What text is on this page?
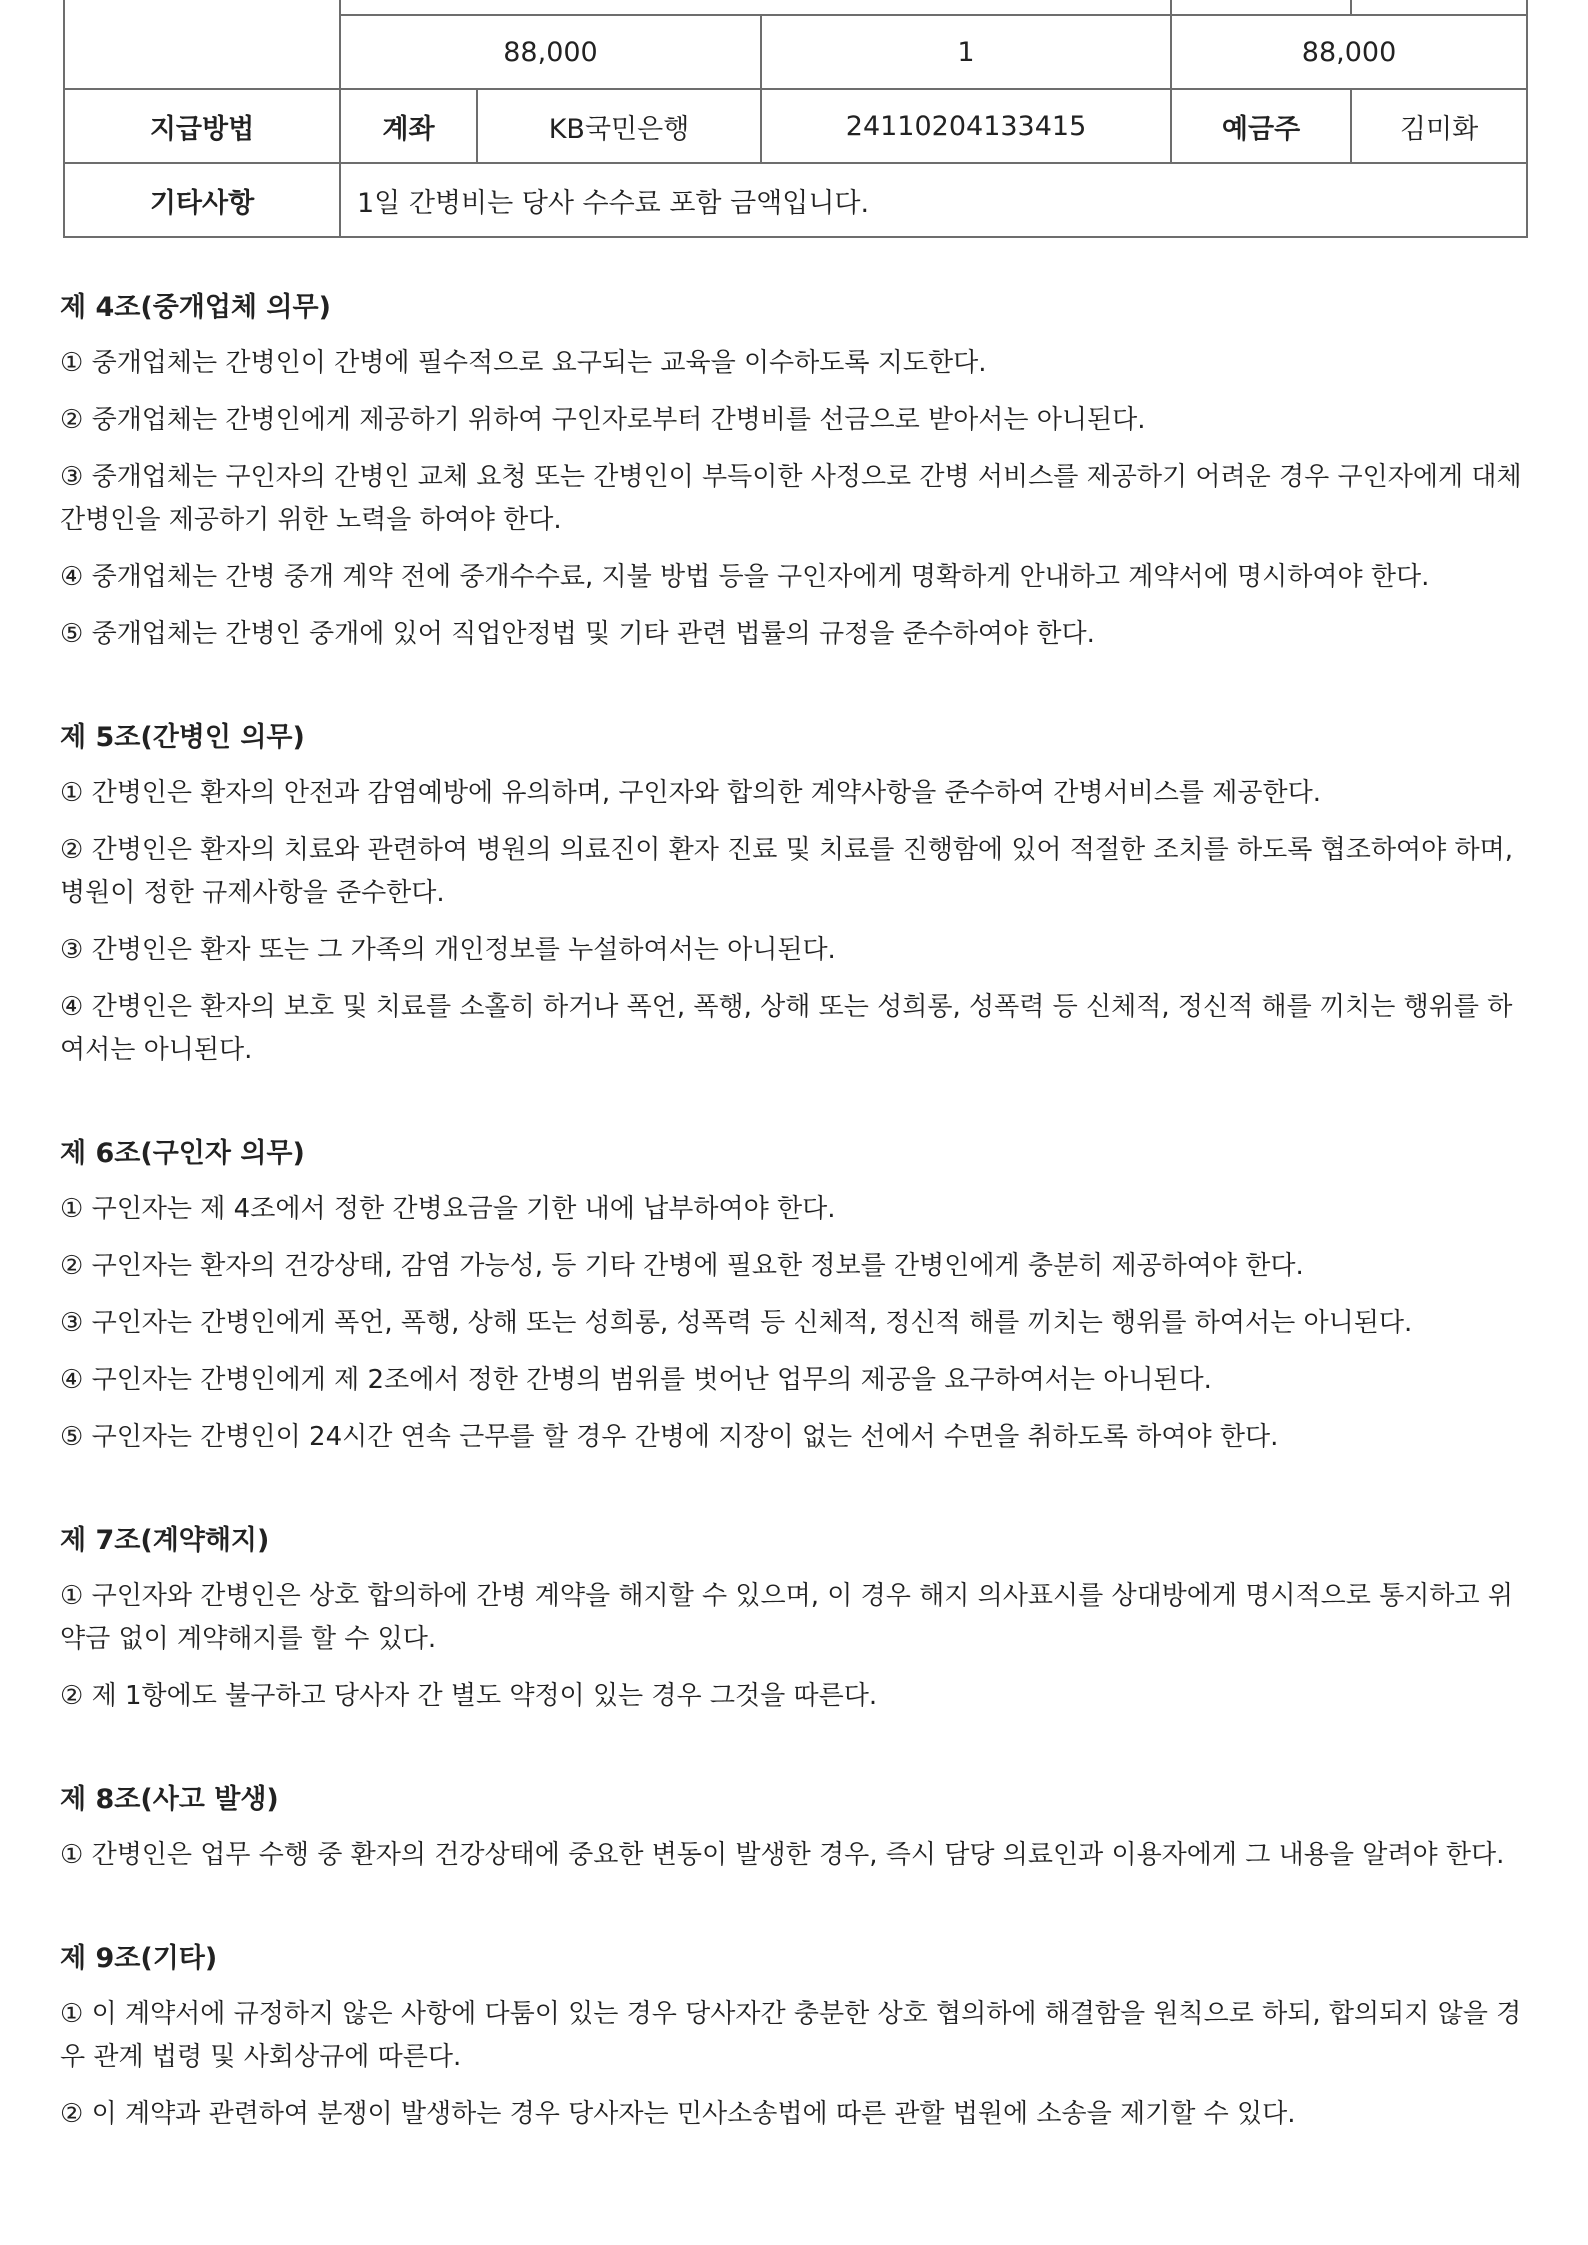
	88,000		1	88,000	
지급방법	계좌	KB국민은행	24110204133415	예금주	김미화
기타사항	1일 간병비는 당사 수수료 포함 금액입니다.				
제 4조(중개업체 의무)
① 중개업체는 간병인이 간병에 필수적으로 요구되는 교육을 이수하도록 지도한다.
② 중개업체는 간병인에게 제공하기 위하여 구인자로부터 간병비를 선금으로 받아서는 아니된다.
③ 중개업체는 구인자의 간병인 교체 요청 또는 간병인이 부득이한 사정으로 간병 서비스를 제공하기 어려운 경우 구인자에게 대체 간병인을 제공하기 위한 노력을 하여야 한다.
④ 중개업체는 간병 중개 계약 전에 중개수수료, 지불 방법 등을 구인자에게 명확하게 안내하고 계약서에 명시하여야 한다.
⑤ 중개업체는 간병인 중개에 있어 직업안정법 및 기타 관련 법률의 규정을 준수하여야 한다.
제 5조(간병인 의무)
① 간병인은 환자의 안전과 감염예방에 유의하며, 구인자와 합의한 계약사항을 준수하여 간병서비스를 제공한다.
② 간병인은 환자의 치료와 관련하여 병원의 의료진이 환자 진료 및 치료를 진행함에 있어 적절한 조치를 하도록 협조하여야 하며, 병원이 정한 규제사항을 준수한다.
③ 간병인은 환자 또는 그 가족의 개인정보를 누설하여서는 아니된다.
④ 간병인은 환자의 보호 및 치료를 소홀히 하거나 폭언, 폭행, 상해 또는 성희롱, 성폭력 등 신체적, 정신적 해를 끼치는 행위를 하여서는 아니된다.
제 6조(구인자 의무)
① 구인자는 제 4조에서 정한 간병요금을 기한 내에 납부하여야 한다.
② 구인자는 환자의 건강상태, 감염 가능성, 등 기타 간병에 필요한 정보를 간병인에게 충분히 제공하여야 한다.
③ 구인자는 간병인에게 폭언, 폭행, 상해 또는 성희롱, 성폭력 등 신체적, 정신적 해를 끼치는 행위를 하여서는 아니된다.
④ 구인자는 간병인에게 제 2조에서 정한 간병의 범위를 벗어난 업무의 제공을 요구하여서는 아니된다.
⑤ 구인자는 간병인이 24시간 연속 근무를 할 경우 간병에 지장이 없는 선에서 수면을 취하도록 하여야 한다.
제 7조(계약해지)
① 구인자와 간병인은 상호 합의하에 간병 계약을 해지할 수 있으며, 이 경우 해지 의사표시를 상대방에게 명시적으로 통지하고 위약금 없이 계약해지를 할 수 있다.
② 제 1항에도 불구하고 당사자 간 별도 약정이 있는 경우 그것을 따른다.
제 8조(사고 발생)
① 간병인은 업무 수행 중 환자의 건강상태에 중요한 변동이 발생한 경우, 즉시 담당 의료인과 이용자에게 그 내용을 알려야 한다.
제 9조(기타)
① 이 계약서에 규정하지 않은 사항에 다툼이 있는 경우 당사자간 충분한 상호 협의하에 해결함을 원칙으로 하되, 합의되지 않을 경우 관계 법령 및 사회상규에 따른다.
② 이 계약과 관련하여 분쟁이 발생하는 경우 당사자는 민사소송법에 따른 관할 법원에 소송을 제기할 수 있다.
